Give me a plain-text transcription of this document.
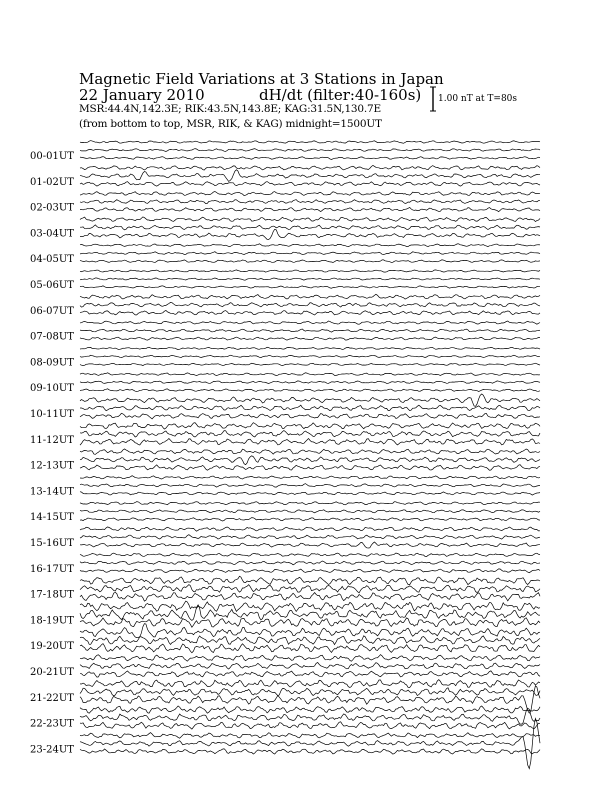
Magnetic Field Variations at 3 Stations in Japan
22 January 2010	dH/dt (filter:40-160s)
MSR:44.4N,142.3E; RIK:43.5N,143.8E; KAG:31.5N,130.7E
(from bottom to top, MSR, RIK, & KAG) midnight=1500UT
1.00 nT at T=80s
00-01UT
01-02UT
02-03UT
03-04UT
04-05UT
05-06UT
06-07UT
07-08UT
08-09UT
09-10UT
10-11UT
11-12UT
12-13UT
13-14UT
14-15UT
15-16UT
16-17UT
17-18UT
18-19UT
19-20UT
20-21UT
21-22UT
22-23UT
23-24UT
